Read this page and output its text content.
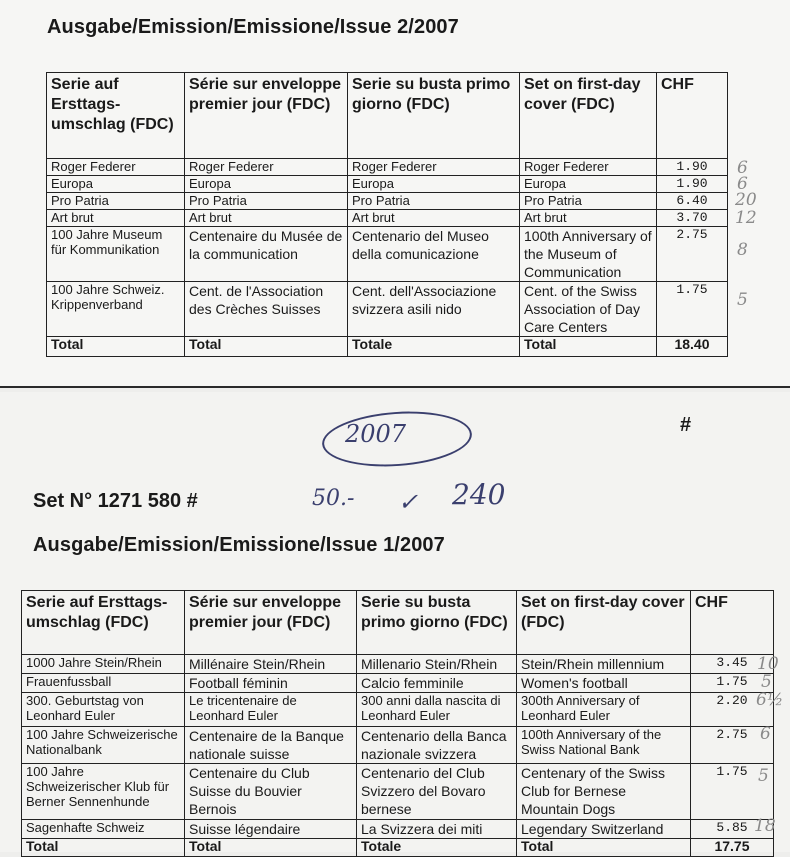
Ausgabe/Emission/Emissione/Issue 2/2007
Serie auf Ersttags-umschlag (FDC)	Série sur enveloppe premier jour (FDC)	Serie su busta primo giorno (FDC)	Set on first-day cover (FDC)	CHF
Roger Federer	Roger Federer	Roger Federer	Roger Federer	1.90
Europa	Europa	Europa	Europa	1.90
Pro Patria	Pro Patria	Pro Patria	Pro Patria	6.40
Art brut	Art brut	Art brut	Art brut	3.70
100 Jahre Museum für Kommunikation	Centenaire du Musée de la communication	Centenario del Museo della comunicazione	100th Anniversary of the Museum of Communication	2.75
100 Jahre Schweiz. Krippenverband	Cent. de l'Association des Crèches Suisses	Cent. dell'Associazione svizzera asili nido	Cent. of the Swiss Association of Day Care Centers	1.75
Total	Total	Totale	Total	18.40
6
6
20
12
8
5
2007	#
50.- ✓ 240

Set N° 1271 580 #

Ausgabe/Emission/Emissione/Issue 1/2007
Serie auf Ersttags-umschlag (FDC)	Série sur enveloppe premier jour (FDC)	Serie su busta primo giorno (FDC)	Set on first-day cover (FDC)	CHF
1000 Jahre Stein/Rhein	Millénaire Stein/Rhein	Millenario Stein/Rhein	Stein/Rhein millennium	3.45
Frauenfussball	Football féminin	Calcio femminile	Women's football	1.75
300. Geburtstag von Leonhard Euler	Le tricentenaire de Leonhard Euler	300 anni dalla nascita di Leonhard Euler	300th Anniversary of Leonhard Euler	2.20
100 Jahre Schweizerische Nationalbank	Centenaire de la Banque nationale suisse	Centenario della Banca nazionale svizzera	100th Anniversary of the Swiss National Bank	2.75
100 Jahre Schweizerischer Klub für Berner Sennenhunde	Centenaire du Club Suisse du Bouvier Bernois	Centenario del Club Svizzero del Bovaro bernese	Centenary of the Swiss Club for Bernese Mountain Dogs	1.75
Sagenhafte Schweiz	Suisse légendaire	La Svizzera dei miti	Legendary Switzerland	5.85
Total	Total	Totale	Total	17.75
10
5
6½
6
5
18
